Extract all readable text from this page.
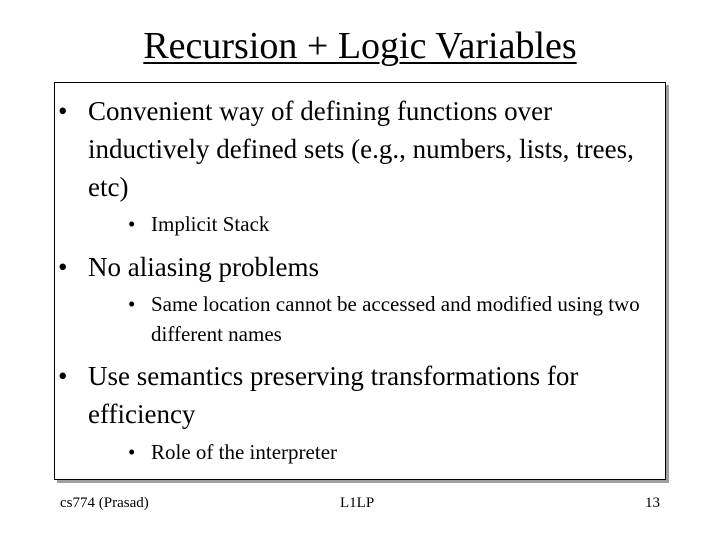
Recursion + Logic Variables

• Convenient way of defining functions over inductively defined sets (e.g., numbers, lists, trees, etc)

• Implicit Stack

• No aliasing problems

• Same location cannot be accessed and modified using two different names

• Use semantics preserving transformations for efficiency

• Role of the interpreter

cs774 (Prasad)	L1LP	13
